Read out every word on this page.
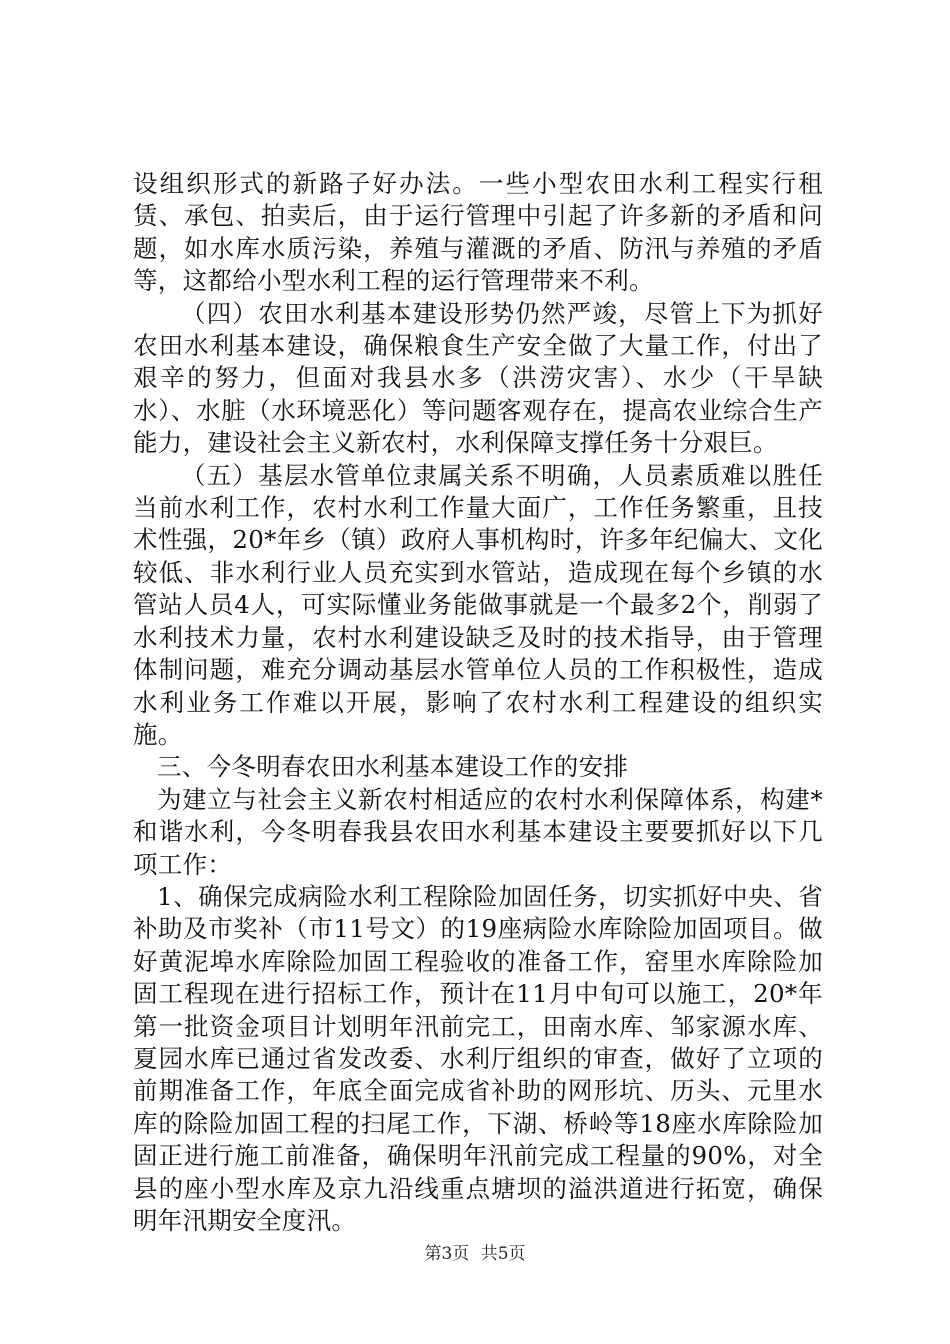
设组织形式的新路子好办法。一些小型农田水利工程实行租赁、承包、拍卖后，由于运行管理中引起了许多新的矛盾和问题，如水库水质污染，养殖与灌溉的矛盾、防汛与养殖的矛盾等，这都给小型水利工程的运行管理带来不利。

（四）农田水利基本建设形势仍然严竣，尽管上下为抓好农田水利基本建设，确保粮食生产安全做了大量工作，付出了艰辛的努力，但面对我县水多（洪涝灾害）、水少（干旱缺水）、水脏（水环境恶化）等问题客观存在，提高农业综合生产能力，建设社会主义新农村，水利保障支撑任务十分艰巨。

（五）基层水管单位隶属关系不明确，人员素质难以胜任当前水利工作，农村水利工作量大面广，工作任务繁重，且技术性强，20*年乡（镇）政府人事机构时，许多年纪偏大、文化较低、非水利行业人员充实到水管站，造成现在每个乡镇的水管站人员4人，可实际懂业务能做事就是一个最多2个，削弱了水利技术力量，农村水利建设缺乏及时的技术指导，由于管理体制问题，难充分调动基层水管单位人员的工作积极性，造成水利业务工作难以开展，影响了农村水利工程建设的组织实施。

三、今冬明春农田水利基本建设工作的安排

为建立与社会主义新农村相适应的农村水利保障体系，构建*和谐水利，今冬明春我县农田水利基本建设主要要抓好以下几项工作：

1、确保完成病险水利工程除险加固任务，切实抓好中央、省补助及市奖补（市11号文）的19座病险水库除险加固项目。做好黄泥埠水库除险加固工程验收的准备工作，窑里水库除险加固工程现在进行招标工作，预计在11月中旬可以施工，20*年第一批资金项目计划明年汛前完工，田南水库、邹家源水库、夏园水库已通过省发改委、水利厅组织的审查，做好了立项的前期准备工作，年底全面完成省补助的网形坑、历头、元里水库的除险加固工程的扫尾工作，下湖、桥岭等18座水库除险加固正进行施工前准备，确保明年汛前完成工程量的90%，对全县的座小型水库及京九沿线重点塘坝的溢洪道进行拓宽，确保明年汛期安全度汛。

第3页 共5页
